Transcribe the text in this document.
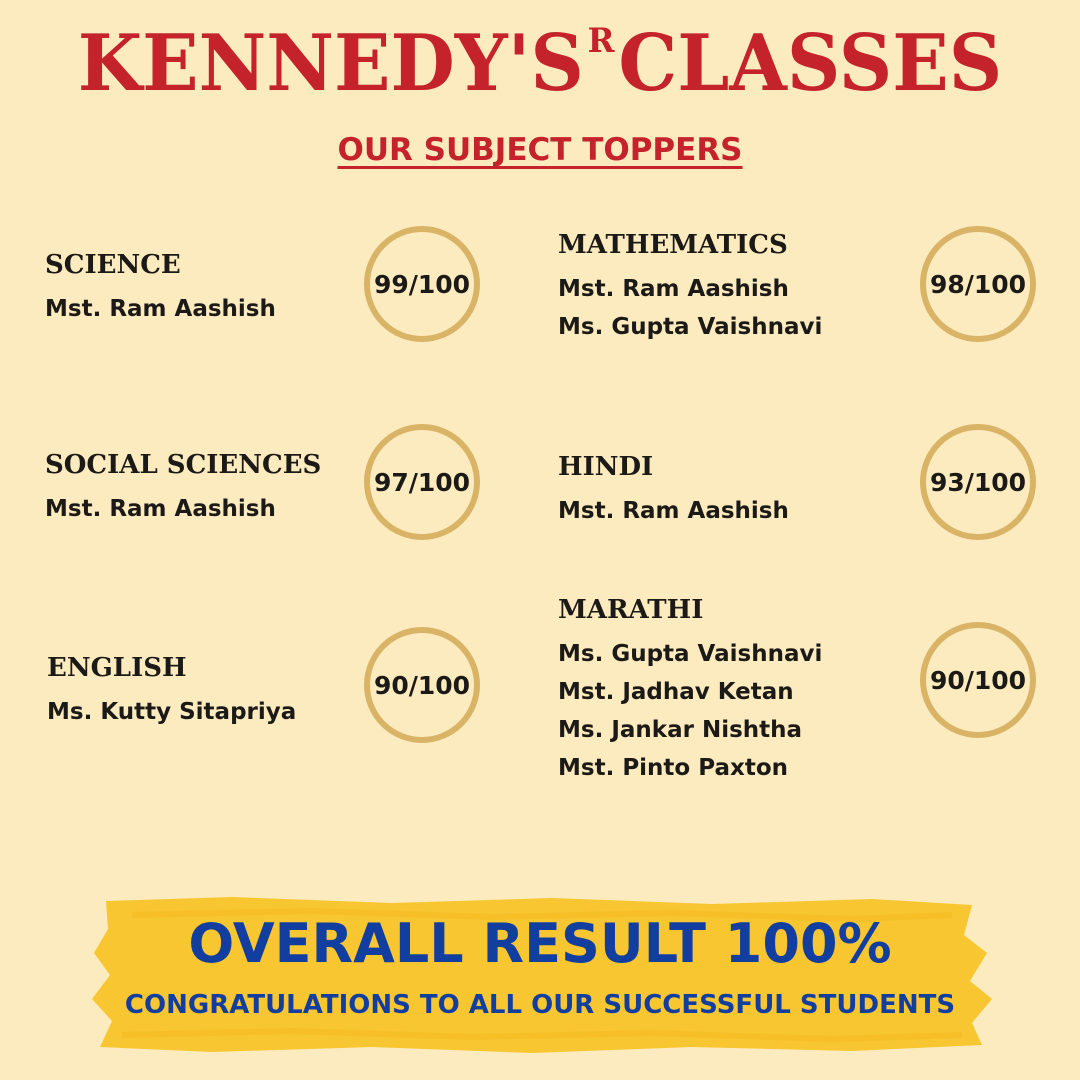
KENNEDY'S $^R$CLASSES
OUR SUBJECT TOPPERS
SCIENCE
Mst. Ram Aashish
99/100
MATHEMATICS
Mst. Ram Aashish
Ms. Gupta Vaishnavi
98/100
SOCIAL SCIENCES
Mst. Ram Aashish
97/100	HINDI
Mst. Ram Aashish
93/100
ENGLISH
Ms. Kutty Sitapriya
90/100
MARATHI
Ms. Gupta Vaishnavi
Mst. Jadhav Ketan
Ms. Jankar Nishtha
Mst. Pinto Paxton
90/100
OVERALL RESULT 100%
CONGRATULATIONS TO ALL OUR SUCCESSFUL STUDENTS
